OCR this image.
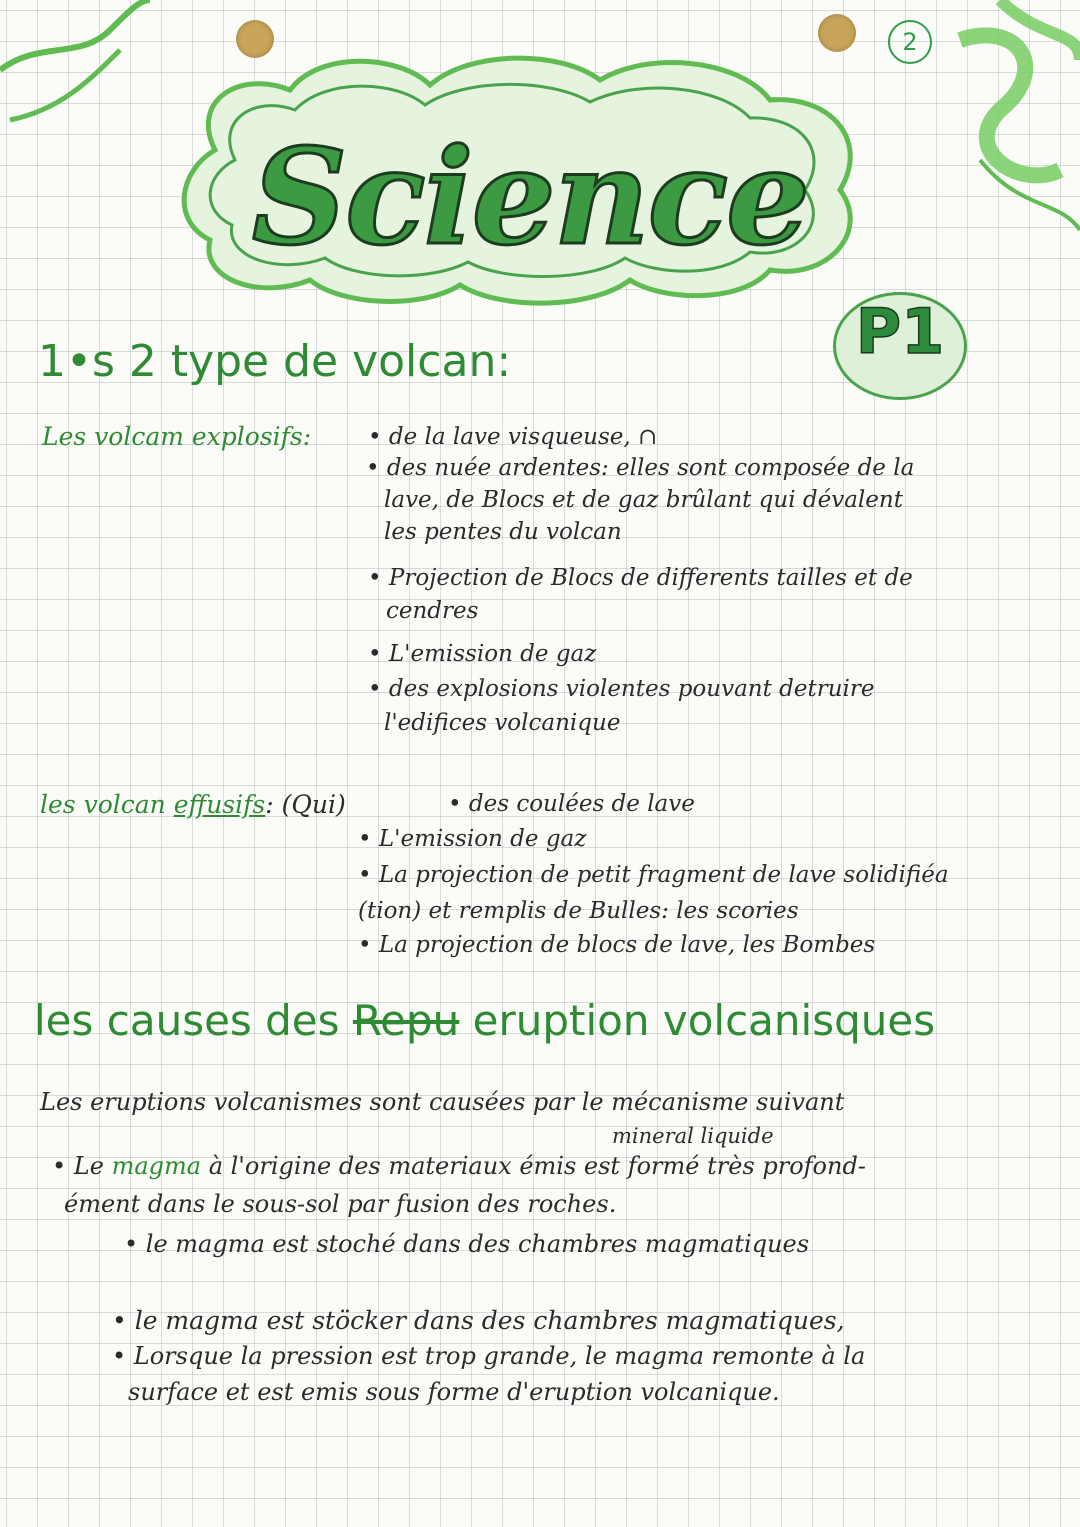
2
Science
P1
1•s 2 type de volcan:
Les volcam explosifs: • de la lave visqueuse, ∩
• des nuée ardentes: elles sont composée de la
lave, de Blocs et de gaz brûlant qui dévalent
les pentes du volcan
• Projection de Blocs de differents tailles et de
cendres
• L'emission de gaz
• des explosions violentes pouvant detruire
l'edifices volcanique
les volcan effusifs: (Qui)	• des coulées de lave
• L'emission de gaz
• La projection de petit fragment de lave solidifiéa
(tion) et remplis de Bulles: les scories
• La projection de blocs de lave, les Bombes
les causes des Repu eruption volcanisques
Les eruptions volcanismes sont causées par le mécanisme suivant
mineral liquide
• Le magma à l'origine des materiaux émis est formé très profond-
ément dans le sous-sol par fusion des roches.
• le magma est stoché dans des chambres magmatiques
• le magma est stöcker dans des chambres magmatiques,
• Lorsque la pression est trop grande, le magma remonte à la
surface et est emis sous forme d'eruption volcanique.
